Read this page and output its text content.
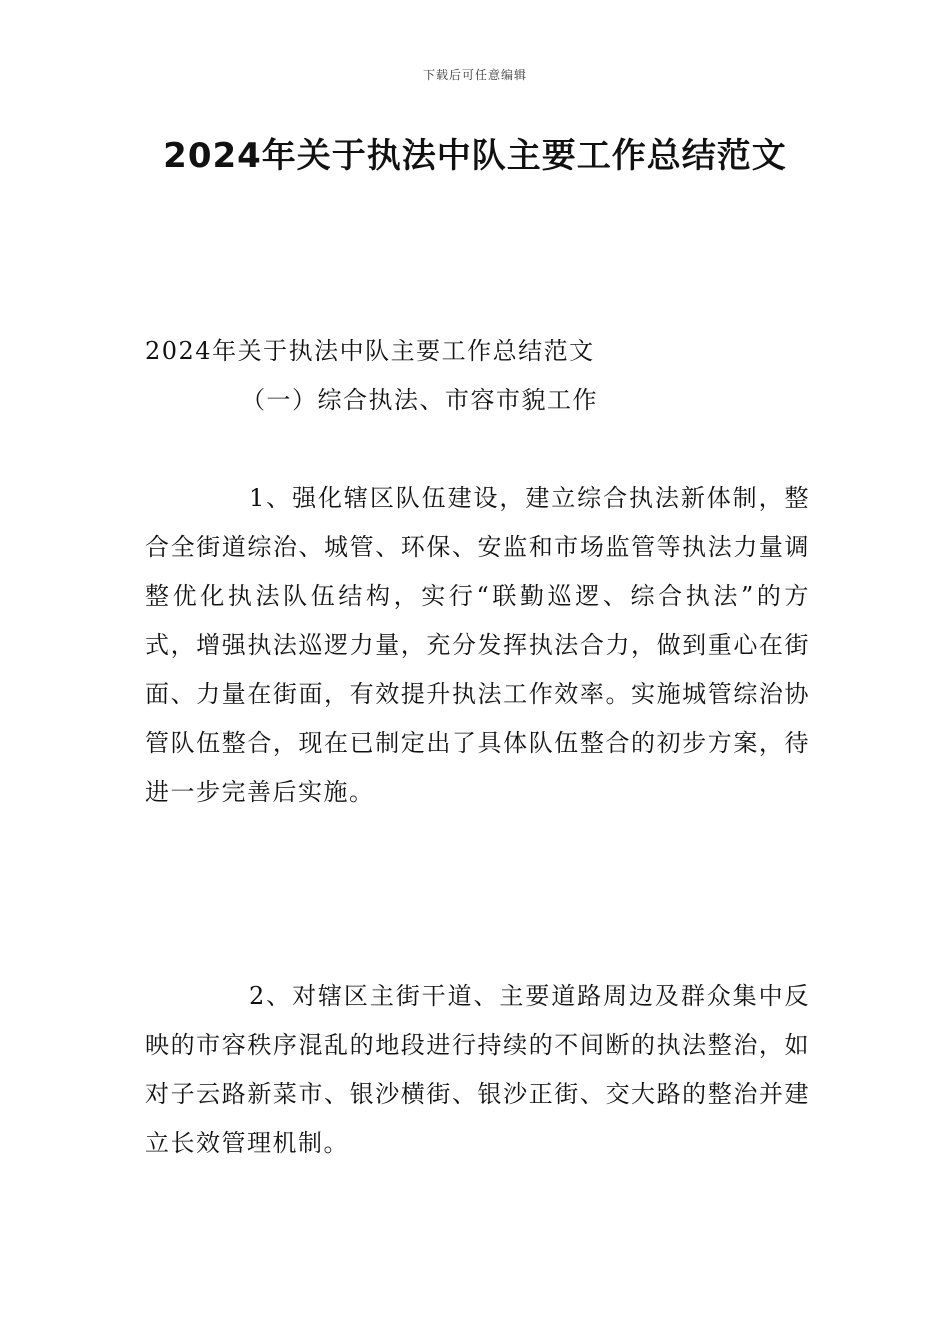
下载后可任意编辑
2024年关于执法中队主要工作总结范文

2024年关于执法中队主要工作总结范文

（一）综合执法、市容市貌工作

1、强化辖区队伍建设，建立综合执法新体制，整合全街道综治、城管、环保、安监和市场监管等执法力量调整优化执法队伍结构，实行“联勤巡逻、综合执法”的方式，增强执法巡逻力量，充分发挥执法合力，做到重心在街面、力量在街面，有效提升执法工作效率。实施城管综治协管队伍整合，现在已制定出了具体队伍整合的初步方案，待进一步完善后实施。

2、对辖区主街干道、主要道路周边及群众集中反映的市容秩序混乱的地段进行持续的不间断的执法整治，如对子云路新菜市、银沙横街、银沙正街、交大路的整治并建立长效管理机制。
